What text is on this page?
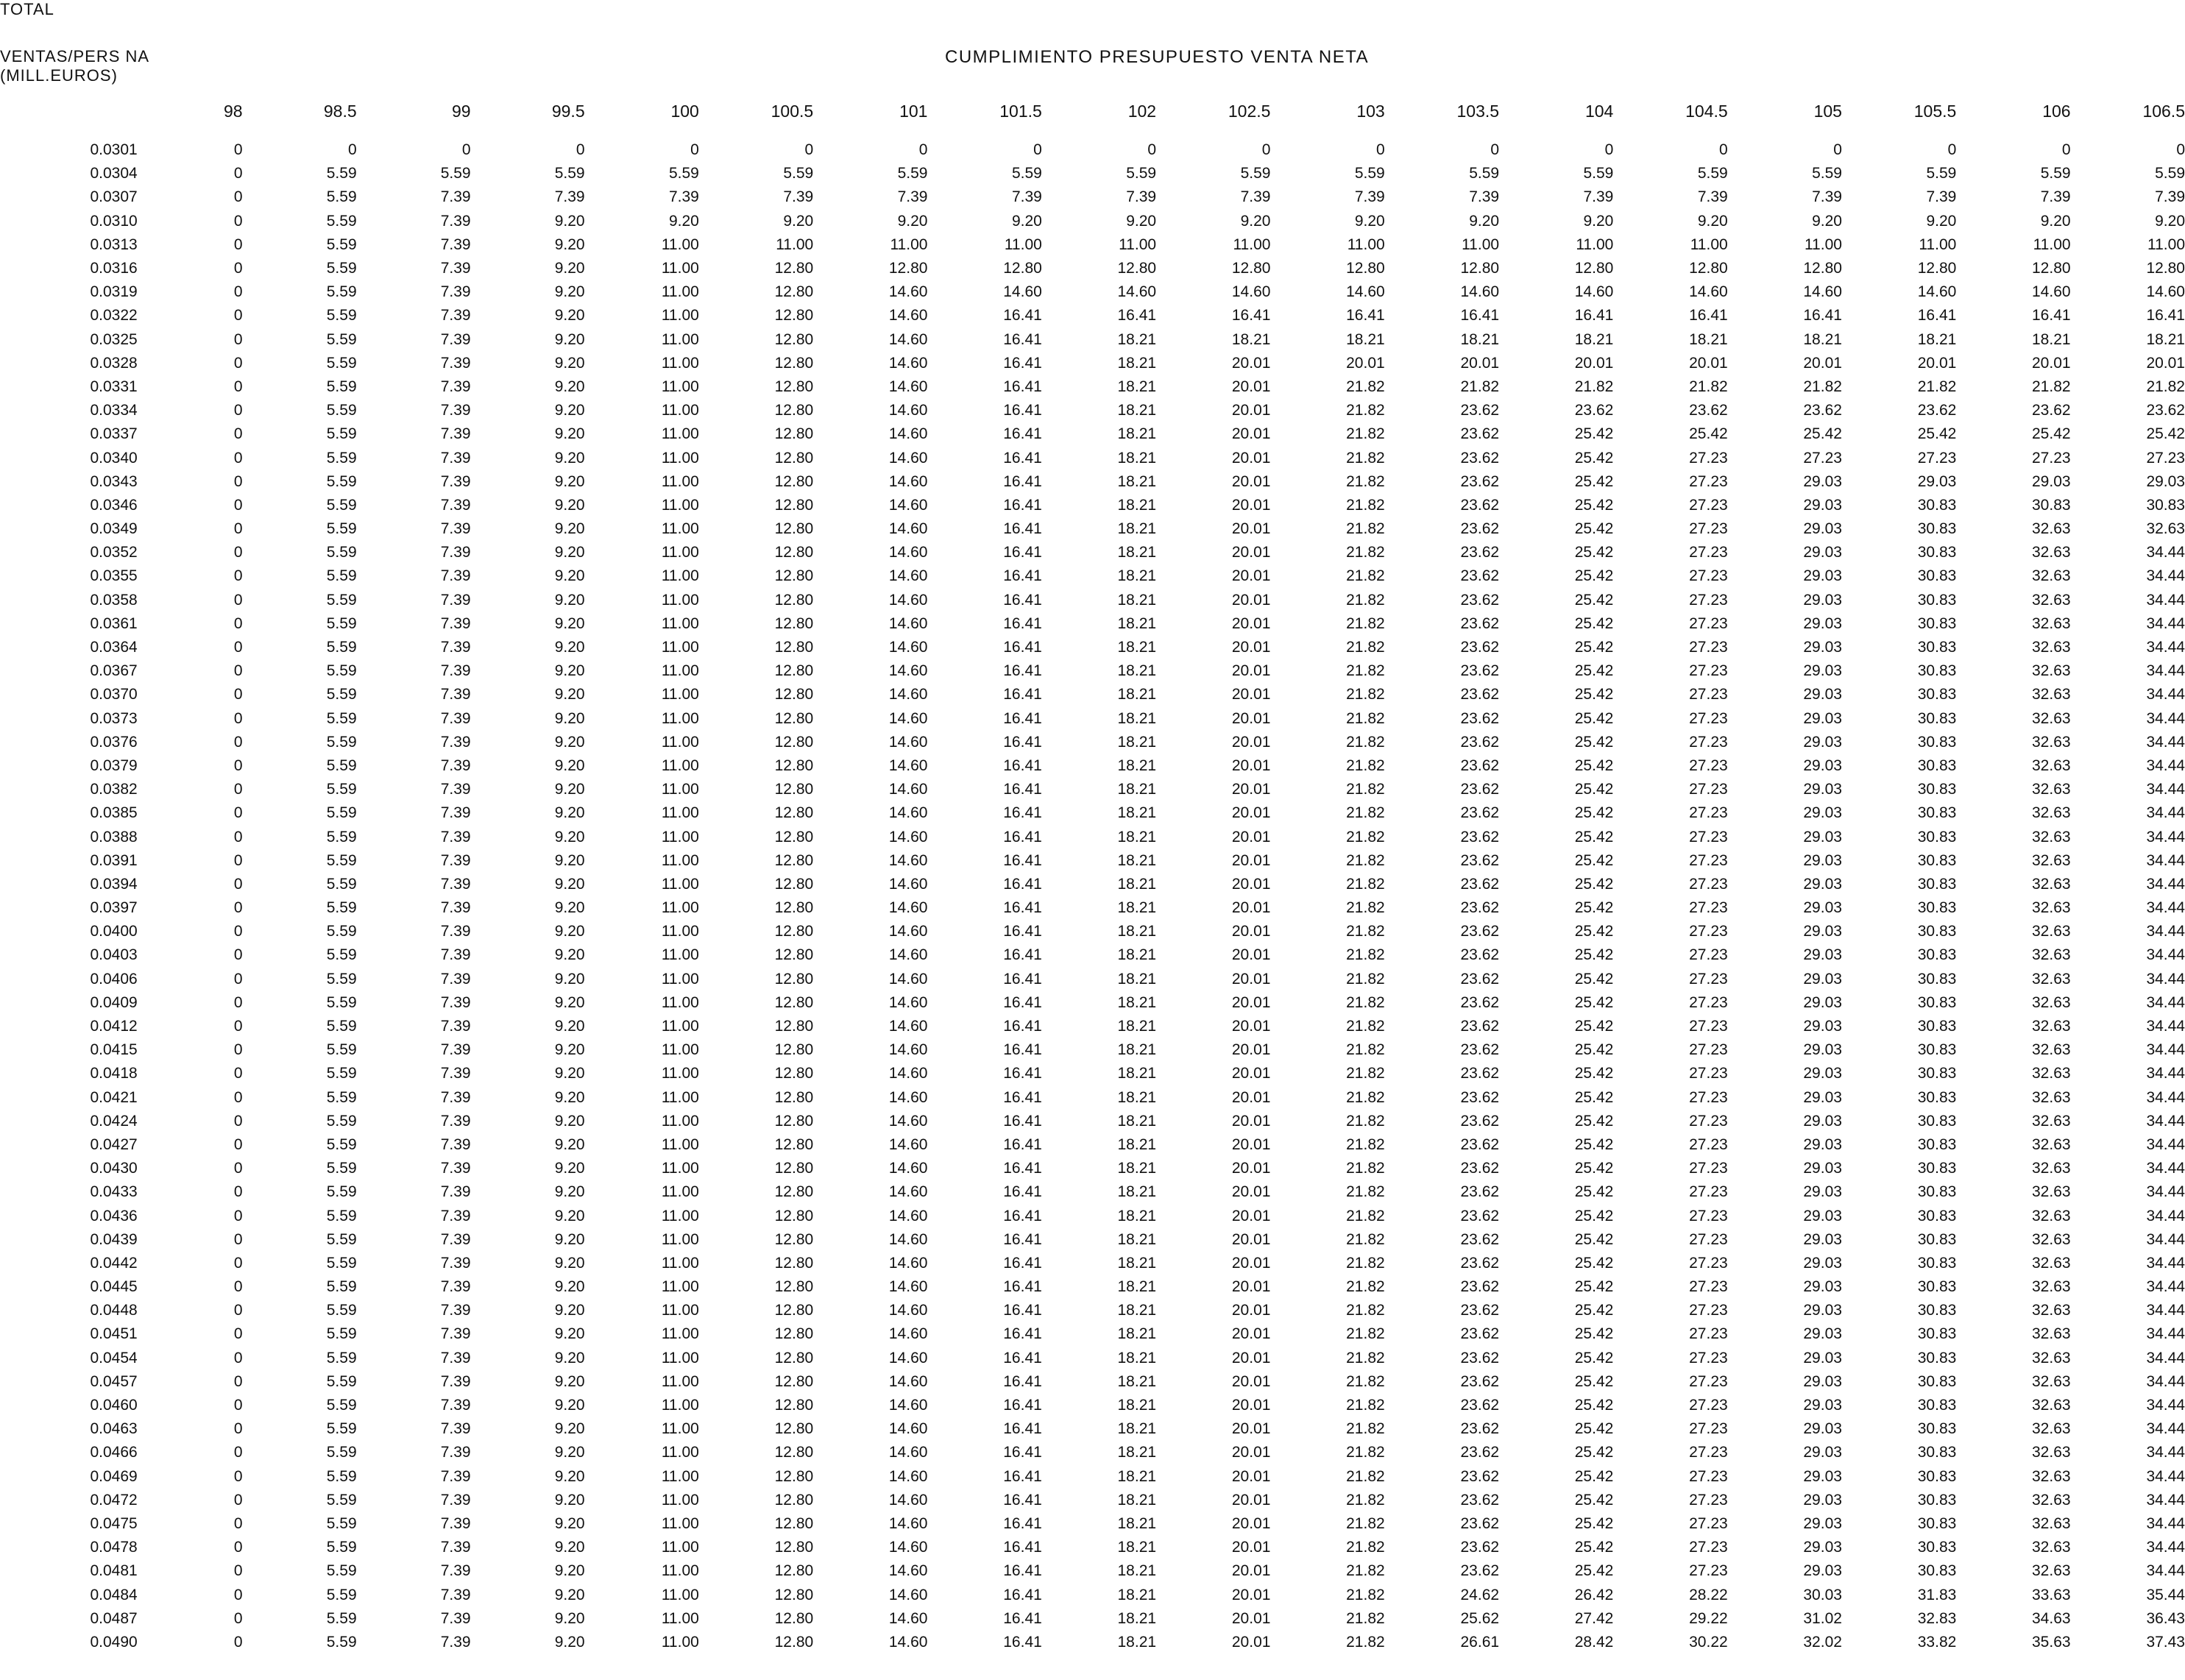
TOTAL
VENTAS/PERS NA
(MILL.EUROS)
CUMPLIMIENTO PRESUPUESTO VENTA NETA
	98	98.5	99	99.5	100	100.5	101	101.5	102	102.5	103	103.5	104	104.5	105	105.5	106	106.5
0.0301	0	0	0	0	0	0	0	0	0	0	0	0	0	0	0	0	0	0
0.0304	0	5.59	5.59	5.59	5.59	5.59	5.59	5.59	5.59	5.59	5.59	5.59	5.59	5.59	5.59	5.59	5.59	5.59
0.0307	0	5.59	7.39	7.39	7.39	7.39	7.39	7.39	7.39	7.39	7.39	7.39	7.39	7.39	7.39	7.39	7.39	7.39
0.0310	0	5.59	7.39	9.20	9.20	9.20	9.20	9.20	9.20	9.20	9.20	9.20	9.20	9.20	9.20	9.20	9.20	9.20
0.0313	0	5.59	7.39	9.20	11.00	11.00	11.00	11.00	11.00	11.00	11.00	11.00	11.00	11.00	11.00	11.00	11.00	11.00
0.0316	0	5.59	7.39	9.20	11.00	12.80	12.80	12.80	12.80	12.80	12.80	12.80	12.80	12.80	12.80	12.80	12.80	12.80
0.0319	0	5.59	7.39	9.20	11.00	12.80	14.60	14.60	14.60	14.60	14.60	14.60	14.60	14.60	14.60	14.60	14.60	14.60
0.0322	0	5.59	7.39	9.20	11.00	12.80	14.60	16.41	16.41	16.41	16.41	16.41	16.41	16.41	16.41	16.41	16.41	16.41
0.0325	0	5.59	7.39	9.20	11.00	12.80	14.60	16.41	18.21	18.21	18.21	18.21	18.21	18.21	18.21	18.21	18.21	18.21
0.0328	0	5.59	7.39	9.20	11.00	12.80	14.60	16.41	18.21	20.01	20.01	20.01	20.01	20.01	20.01	20.01	20.01	20.01
0.0331	0	5.59	7.39	9.20	11.00	12.80	14.60	16.41	18.21	20.01	21.82	21.82	21.82	21.82	21.82	21.82	21.82	21.82
0.0334	0	5.59	7.39	9.20	11.00	12.80	14.60	16.41	18.21	20.01	21.82	23.62	23.62	23.62	23.62	23.62	23.62	23.62
0.0337	0	5.59	7.39	9.20	11.00	12.80	14.60	16.41	18.21	20.01	21.82	23.62	25.42	25.42	25.42	25.42	25.42	25.42
0.0340	0	5.59	7.39	9.20	11.00	12.80	14.60	16.41	18.21	20.01	21.82	23.62	25.42	27.23	27.23	27.23	27.23	27.23
0.0343	0	5.59	7.39	9.20	11.00	12.80	14.60	16.41	18.21	20.01	21.82	23.62	25.42	27.23	29.03	29.03	29.03	29.03
0.0346	0	5.59	7.39	9.20	11.00	12.80	14.60	16.41	18.21	20.01	21.82	23.62	25.42	27.23	29.03	30.83	30.83	30.83
0.0349	0	5.59	7.39	9.20	11.00	12.80	14.60	16.41	18.21	20.01	21.82	23.62	25.42	27.23	29.03	30.83	32.63	32.63
0.0352	0	5.59	7.39	9.20	11.00	12.80	14.60	16.41	18.21	20.01	21.82	23.62	25.42	27.23	29.03	30.83	32.63	34.44
0.0355	0	5.59	7.39	9.20	11.00	12.80	14.60	16.41	18.21	20.01	21.82	23.62	25.42	27.23	29.03	30.83	32.63	34.44
0.0358	0	5.59	7.39	9.20	11.00	12.80	14.60	16.41	18.21	20.01	21.82	23.62	25.42	27.23	29.03	30.83	32.63	34.44
0.0361	0	5.59	7.39	9.20	11.00	12.80	14.60	16.41	18.21	20.01	21.82	23.62	25.42	27.23	29.03	30.83	32.63	34.44
0.0364	0	5.59	7.39	9.20	11.00	12.80	14.60	16.41	18.21	20.01	21.82	23.62	25.42	27.23	29.03	30.83	32.63	34.44
0.0367	0	5.59	7.39	9.20	11.00	12.80	14.60	16.41	18.21	20.01	21.82	23.62	25.42	27.23	29.03	30.83	32.63	34.44
0.0370	0	5.59	7.39	9.20	11.00	12.80	14.60	16.41	18.21	20.01	21.82	23.62	25.42	27.23	29.03	30.83	32.63	34.44
0.0373	0	5.59	7.39	9.20	11.00	12.80	14.60	16.41	18.21	20.01	21.82	23.62	25.42	27.23	29.03	30.83	32.63	34.44
0.0376	0	5.59	7.39	9.20	11.00	12.80	14.60	16.41	18.21	20.01	21.82	23.62	25.42	27.23	29.03	30.83	32.63	34.44
0.0379	0	5.59	7.39	9.20	11.00	12.80	14.60	16.41	18.21	20.01	21.82	23.62	25.42	27.23	29.03	30.83	32.63	34.44
0.0382	0	5.59	7.39	9.20	11.00	12.80	14.60	16.41	18.21	20.01	21.82	23.62	25.42	27.23	29.03	30.83	32.63	34.44
0.0385	0	5.59	7.39	9.20	11.00	12.80	14.60	16.41	18.21	20.01	21.82	23.62	25.42	27.23	29.03	30.83	32.63	34.44
0.0388	0	5.59	7.39	9.20	11.00	12.80	14.60	16.41	18.21	20.01	21.82	23.62	25.42	27.23	29.03	30.83	32.63	34.44
0.0391	0	5.59	7.39	9.20	11.00	12.80	14.60	16.41	18.21	20.01	21.82	23.62	25.42	27.23	29.03	30.83	32.63	34.44
0.0394	0	5.59	7.39	9.20	11.00	12.80	14.60	16.41	18.21	20.01	21.82	23.62	25.42	27.23	29.03	30.83	32.63	34.44
0.0397	0	5.59	7.39	9.20	11.00	12.80	14.60	16.41	18.21	20.01	21.82	23.62	25.42	27.23	29.03	30.83	32.63	34.44
0.0400	0	5.59	7.39	9.20	11.00	12.80	14.60	16.41	18.21	20.01	21.82	23.62	25.42	27.23	29.03	30.83	32.63	34.44
0.0403	0	5.59	7.39	9.20	11.00	12.80	14.60	16.41	18.21	20.01	21.82	23.62	25.42	27.23	29.03	30.83	32.63	34.44
0.0406	0	5.59	7.39	9.20	11.00	12.80	14.60	16.41	18.21	20.01	21.82	23.62	25.42	27.23	29.03	30.83	32.63	34.44
0.0409	0	5.59	7.39	9.20	11.00	12.80	14.60	16.41	18.21	20.01	21.82	23.62	25.42	27.23	29.03	30.83	32.63	34.44
0.0412	0	5.59	7.39	9.20	11.00	12.80	14.60	16.41	18.21	20.01	21.82	23.62	25.42	27.23	29.03	30.83	32.63	34.44
0.0415	0	5.59	7.39	9.20	11.00	12.80	14.60	16.41	18.21	20.01	21.82	23.62	25.42	27.23	29.03	30.83	32.63	34.44
0.0418	0	5.59	7.39	9.20	11.00	12.80	14.60	16.41	18.21	20.01	21.82	23.62	25.42	27.23	29.03	30.83	32.63	34.44
0.0421	0	5.59	7.39	9.20	11.00	12.80	14.60	16.41	18.21	20.01	21.82	23.62	25.42	27.23	29.03	30.83	32.63	34.44
0.0424	0	5.59	7.39	9.20	11.00	12.80	14.60	16.41	18.21	20.01	21.82	23.62	25.42	27.23	29.03	30.83	32.63	34.44
0.0427	0	5.59	7.39	9.20	11.00	12.80	14.60	16.41	18.21	20.01	21.82	23.62	25.42	27.23	29.03	30.83	32.63	34.44
0.0430	0	5.59	7.39	9.20	11.00	12.80	14.60	16.41	18.21	20.01	21.82	23.62	25.42	27.23	29.03	30.83	32.63	34.44
0.0433	0	5.59	7.39	9.20	11.00	12.80	14.60	16.41	18.21	20.01	21.82	23.62	25.42	27.23	29.03	30.83	32.63	34.44
0.0436	0	5.59	7.39	9.20	11.00	12.80	14.60	16.41	18.21	20.01	21.82	23.62	25.42	27.23	29.03	30.83	32.63	34.44
0.0439	0	5.59	7.39	9.20	11.00	12.80	14.60	16.41	18.21	20.01	21.82	23.62	25.42	27.23	29.03	30.83	32.63	34.44
0.0442	0	5.59	7.39	9.20	11.00	12.80	14.60	16.41	18.21	20.01	21.82	23.62	25.42	27.23	29.03	30.83	32.63	34.44
0.0445	0	5.59	7.39	9.20	11.00	12.80	14.60	16.41	18.21	20.01	21.82	23.62	25.42	27.23	29.03	30.83	32.63	34.44
0.0448	0	5.59	7.39	9.20	11.00	12.80	14.60	16.41	18.21	20.01	21.82	23.62	25.42	27.23	29.03	30.83	32.63	34.44
0.0451	0	5.59	7.39	9.20	11.00	12.80	14.60	16.41	18.21	20.01	21.82	23.62	25.42	27.23	29.03	30.83	32.63	34.44
0.0454	0	5.59	7.39	9.20	11.00	12.80	14.60	16.41	18.21	20.01	21.82	23.62	25.42	27.23	29.03	30.83	32.63	34.44
0.0457	0	5.59	7.39	9.20	11.00	12.80	14.60	16.41	18.21	20.01	21.82	23.62	25.42	27.23	29.03	30.83	32.63	34.44
0.0460	0	5.59	7.39	9.20	11.00	12.80	14.60	16.41	18.21	20.01	21.82	23.62	25.42	27.23	29.03	30.83	32.63	34.44
0.0463	0	5.59	7.39	9.20	11.00	12.80	14.60	16.41	18.21	20.01	21.82	23.62	25.42	27.23	29.03	30.83	32.63	34.44
0.0466	0	5.59	7.39	9.20	11.00	12.80	14.60	16.41	18.21	20.01	21.82	23.62	25.42	27.23	29.03	30.83	32.63	34.44
0.0469	0	5.59	7.39	9.20	11.00	12.80	14.60	16.41	18.21	20.01	21.82	23.62	25.42	27.23	29.03	30.83	32.63	34.44
0.0472	0	5.59	7.39	9.20	11.00	12.80	14.60	16.41	18.21	20.01	21.82	23.62	25.42	27.23	29.03	30.83	32.63	34.44
0.0475	0	5.59	7.39	9.20	11.00	12.80	14.60	16.41	18.21	20.01	21.82	23.62	25.42	27.23	29.03	30.83	32.63	34.44
0.0478	0	5.59	7.39	9.20	11.00	12.80	14.60	16.41	18.21	20.01	21.82	23.62	25.42	27.23	29.03	30.83	32.63	34.44
0.0481	0	5.59	7.39	9.20	11.00	12.80	14.60	16.41	18.21	20.01	21.82	23.62	25.42	27.23	29.03	30.83	32.63	34.44
0.0484	0	5.59	7.39	9.20	11.00	12.80	14.60	16.41	18.21	20.01	21.82	24.62	26.42	28.22	30.03	31.83	33.63	35.44
0.0487	0	5.59	7.39	9.20	11.00	12.80	14.60	16.41	18.21	20.01	21.82	25.62	27.42	29.22	31.02	32.83	34.63	36.43
0.0490	0	5.59	7.39	9.20	11.00	12.80	14.60	16.41	18.21	20.01	21.82	26.61	28.42	30.22	32.02	33.82	35.63	37.43
